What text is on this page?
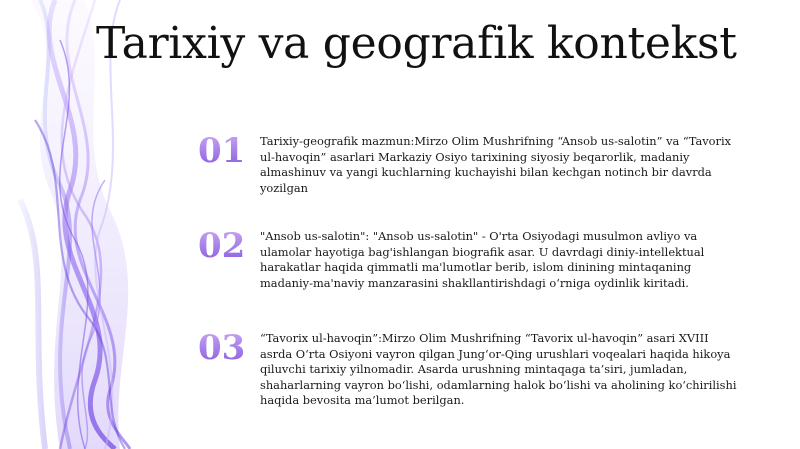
Tarixiy va geografik kontekst
01 Tarixiy-geografik mazmun:Mirzo Olim Mushrifning “Ansob us-salotin” va “Tavorix ul-havoqin” asarlari Markaziy Osiyo tarixining siyosiy beqarorlik, madaniy almashinuv va yangi kuchlarning kuchayishi bilan kechgan notinch bir davrda yozilgan
02 "Ansob us-salotin": "Ansob us-salotin" - O'rta Osiyodagi musulmon avliyo va ulamolar hayotiga bag'ishlangan biografik asar. U davrdagi diniy-intellektual harakatlar haqida qimmatli ma'lumotlar berib, islom dinining mintaqaning madaniy-ma'naviy manzarasini shakllantirishdagi o‘rniga oydinlik kiritadi.
03 “Tavorix ul-havoqin”:Mirzo Olim Mushrifning “Tavorix ul-havoqin” asari XVIII asrda O‘rta Osiyoni vayron qilgan Jung‘or-Qing urushlari voqealari haqida hikoya qiluvchi tarixiy yilnomadir. Asarda urushning mintaqaga ta’siri, jumladan, shaharlarning vayron bo‘lishi, odamlarning halok bo‘lishi va aholining ko‘chirilishi haqida bevosita ma’lumot berilgan.
